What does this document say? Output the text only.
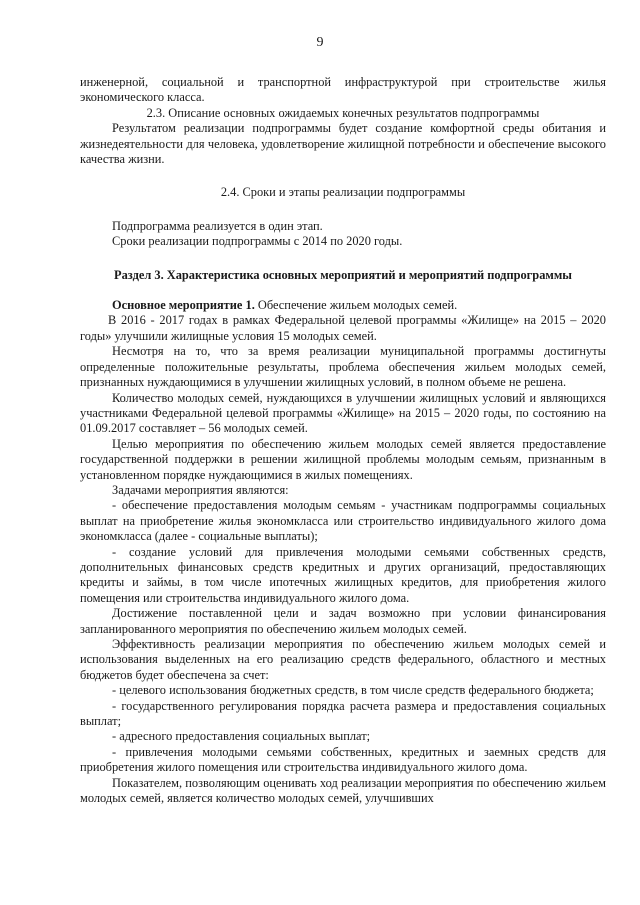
9

инженерной, социальной и транспортной инфраструктурой при строительстве жилья экономического класса.

2.3. Описание основных ожидаемых конечных результатов подпрограммы

Результатом реализации подпрограммы будет создание комфортной среды обитания и жизнедеятельности для человека, удовлетворение жилищной потребности и обеспечение высокого качества жизни.

2.4. Сроки и этапы реализации подпрограммы

Подпрограмма реализуется в один этап.

Сроки реализации подпрограммы с 2014 по 2020 годы.

Раздел 3. Характеристика основных мероприятий и мероприятий подпрограммы

Основное мероприятие 1. Обеспечение жильем молодых семей.

В 2016 - 2017 годах в рамках Федеральной целевой программы «Жилище» на 2015 – 2020 годы» улучшили жилищные условия 15 молодых семей.

Несмотря на то, что за время реализации муниципальной программы достигнуты определенные положительные результаты, проблема обеспечения жильем молодых семей, признанных нуждающимися в улучшении жилищных условий, в полном объеме не решена.

Количество молодых семей, нуждающихся в улучшении жилищных условий и являющихся участниками Федеральной целевой программы «Жилище» на 2015 – 2020 годы, по состоянию на 01.09.2017 составляет – 56 молодых семей.

Целью мероприятия по обеспечению жильем молодых семей является предоставление государственной поддержки в решении жилищной проблемы молодым семьям, признанным в установленном порядке нуждающимися в жилых помещениях.

Задачами мероприятия являются:

- обеспечение предоставления молодым семьям - участникам подпрограммы социальных выплат на приобретение жилья экономкласса или строительство индивидуального жилого дома экономкласса (далее - социальные выплаты);

- создание условий для привлечения молодыми семьями собственных средств, дополнительных финансовых средств кредитных и других организаций, предоставляющих кредиты и займы, в том числе ипотечных жилищных кредитов, для приобретения жилого помещения или строительства индивидуального жилого дома.

Достижение поставленной цели и задач возможно при условии финансирования запланированного мероприятия по обеспечению жильем молодых семей.

Эффективность реализации мероприятия по обеспечению жильем молодых семей и использования выделенных на его реализацию средств федерального, областного и местных бюджетов будет обеспечена за счет:

- целевого использования бюджетных средств, в том числе средств федерального бюджета;

- государственного регулирования порядка расчета размера и предоставления социальных выплат;

- адресного предоставления социальных выплат;

- привлечения молодыми семьями собственных, кредитных и заемных средств для приобретения жилого помещения или строительства индивидуального жилого дома.

Показателем, позволяющим оценивать ход реализации мероприятия по обеспечению жильем молодых семей, является количество молодых семей, улучшивших
